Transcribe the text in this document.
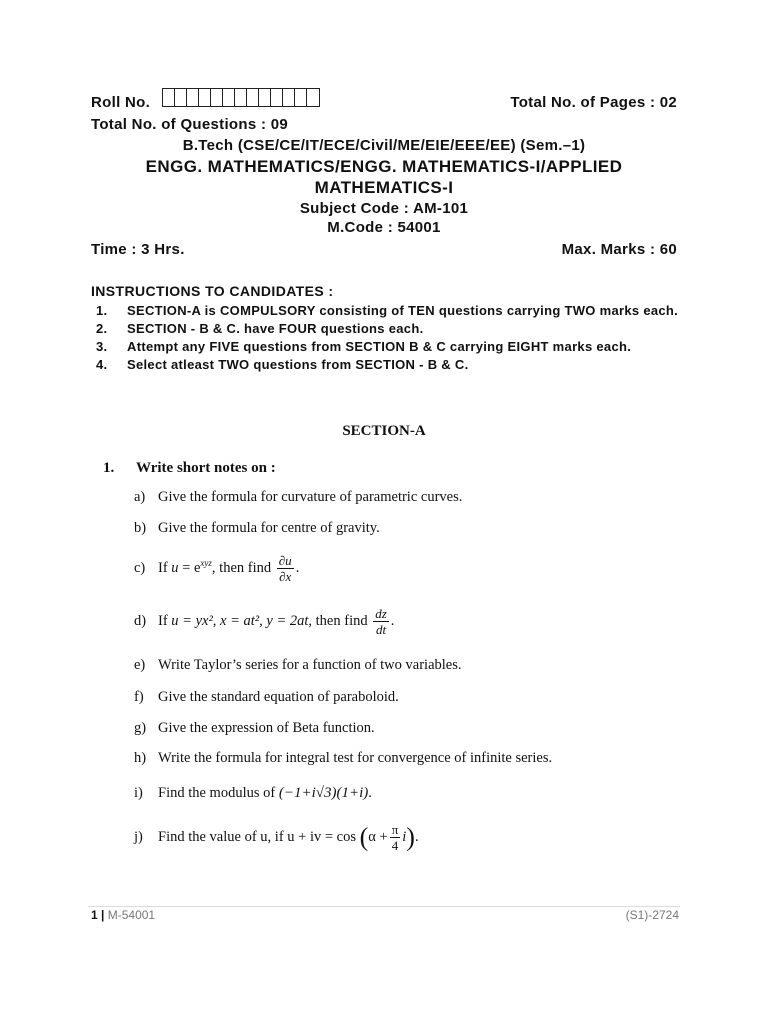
Roll No.	Total No. of Pages : 02
Total No. of Questions : 09
B.Tech (CSE/CE/IT/ECE/Civil/ME/EIE/EEE/EE) (Sem.–1)
ENGG. MATHEMATICS/ENGG. MATHEMATICS-I/APPLIED
MATHEMATICS-I
Subject Code : AM-101
M.Code : 54001
Time : 3 Hrs.	Max. Marks : 60
INSTRUCTIONS TO CANDIDATES :
1. SECTION-A is COMPULSORY consisting of TEN questions carrying TWO marks each.
2. SECTION - B & C. have FOUR questions each.
3. Attempt any FIVE questions from SECTION B & C carrying EIGHT marks each.
4. Select atleast TWO questions from SECTION - B & C.
SECTION-A
1. Write short notes on :
a) Give the formula for curvature of parametric curves.
b) Give the formula for centre of gravity.
c) If $u = e^{xyz}$, then find $\frac{\partial u}{\partial x}$ .
d) If u = yx², x = at², y = 2at, then find $\frac{dz}{dt}$ .
e) Write Taylor’s series for a function of two variables.
f) Give the standard equation of paraboloid.
g) Give the expression of Beta function.
h) Write the formula for integral test for convergence of infinite series.
i) Find the modulus of (−1+i√3)(1+i).
j) Find the value of u, if u + iv = $\cos (\alpha + \frac{\pi}{4} i)$.
1 | M-54001	(S1)-2724
